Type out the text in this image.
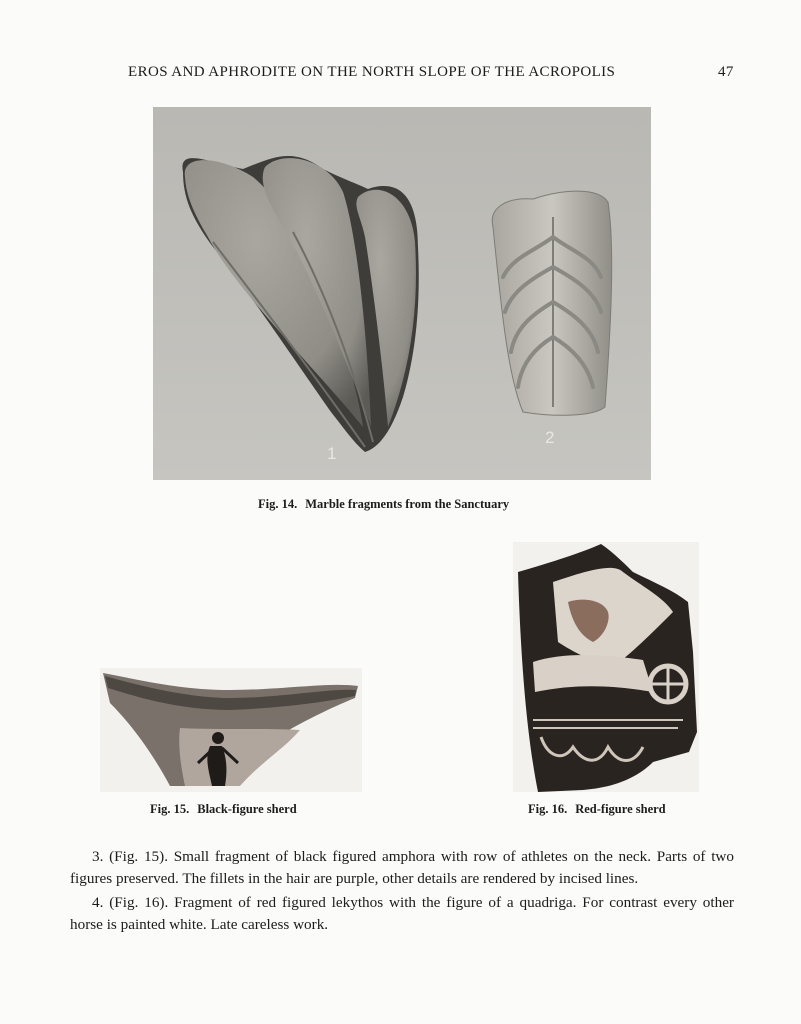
EROS AND APHRODITE ON THE NORTH SLOPE OF THE ACROPOLIS	47
1
2
Fig. 14. Marble fragments from the Sanctuary
Fig. 15. Black-figure sherd	Fig. 16. Red-figure sherd

3. (Fig. 15). Small fragment of black figured amphora with row of athletes on the neck. Parts of two figures preserved. The fillets in the hair are purple, other details are rendered by incised lines.

4. (Fig. 16). Fragment of red figured lekythos with the figure of a quadriga. For contrast every other horse is painted white. Late careless work.
